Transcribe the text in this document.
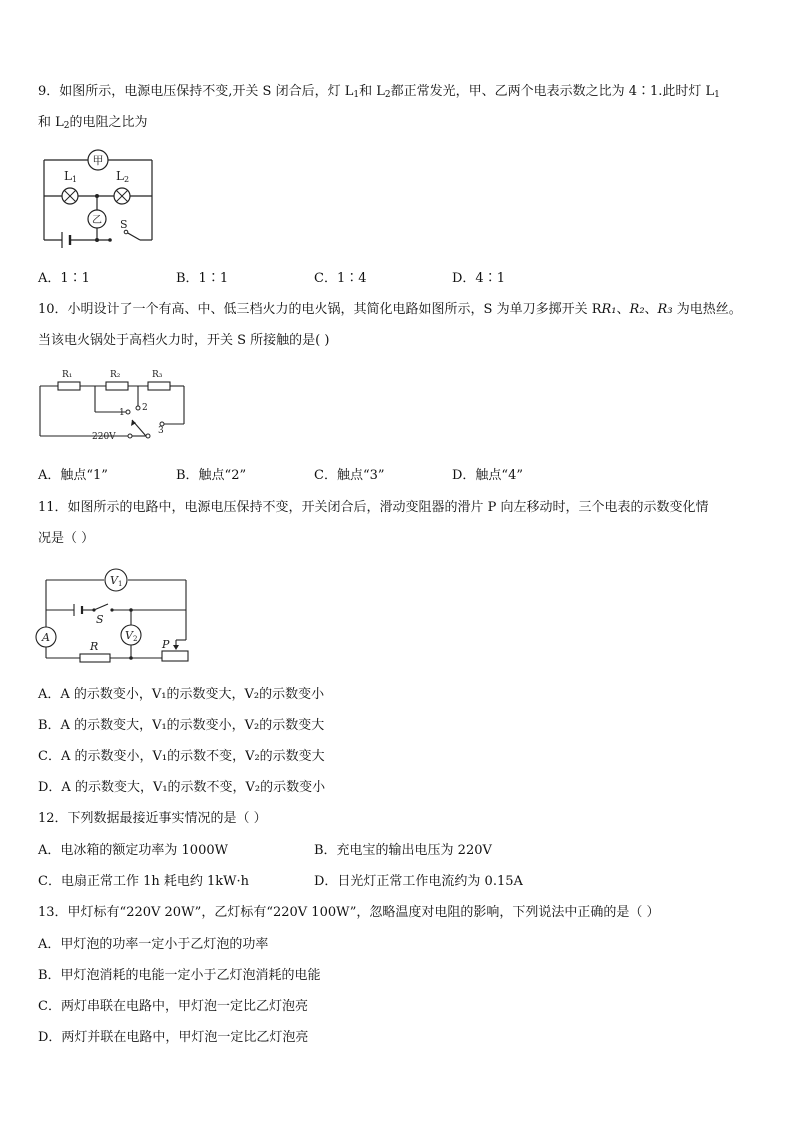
9．如图所示，电源电压保持不变,开关 S 闭合后，灯 $L_1$和 $L_2$都正常发光，甲、乙两个电表示数之比为 4∶1.此时灯 $L_1$
和 $L_2$的电阻之比为
甲
L 1	L 2
乙 S
A．1∶1	B．1∶1	C．1∶4	D．4∶1
10．小明设计了一个有高、中、低三档火力的电火锅，其简化电路如图所示，S 为单刀多掷开关 RR₁、R₂、R₃ 为电热丝。
当该电火锅处于高档火力时，开关 S 所接触的是( )
R₁	R₂	R₃
1 2
3
220V
A．触点“1”	B．触点“2”	C．触点“3”	D．触点“4”
11．如图所示的电路中，电源电压保持不变，开关闭合后，滑动变阻器的滑片 P 向左移动时，三个电表的示数变化情
况是（ ）
V 1
A	V 2
S
R	P
A．A 的示数变小，V₁的示数变大，V₂的示数变小
B．A 的示数变大，V₁的示数变小，V₂的示数变大
C．A 的示数变小，V₁的示数不变，V₂的示数变大
D．A 的示数变大，V₁的示数不变，V₂的示数变小
12．下列数据最接近事实情况的是（ ）
A．电冰箱的额定功率为 1000W	B．充电宝的输出电压为 220V
C．电扇正常工作 1h 耗电约 1kW·h	D．日光灯正常工作电流约为 0.15A
13．甲灯标有“220V 20W”，乙灯标有“220V 100W”，忽略温度对电阻的影响，下列说法中正确的是（ ）
A．甲灯泡的功率一定小于乙灯泡的功率
B．甲灯泡消耗的电能一定小于乙灯泡消耗的电能
C．两灯串联在电路中，甲灯泡一定比乙灯泡亮
D．两灯并联在电路中，甲灯泡一定比乙灯泡亮
